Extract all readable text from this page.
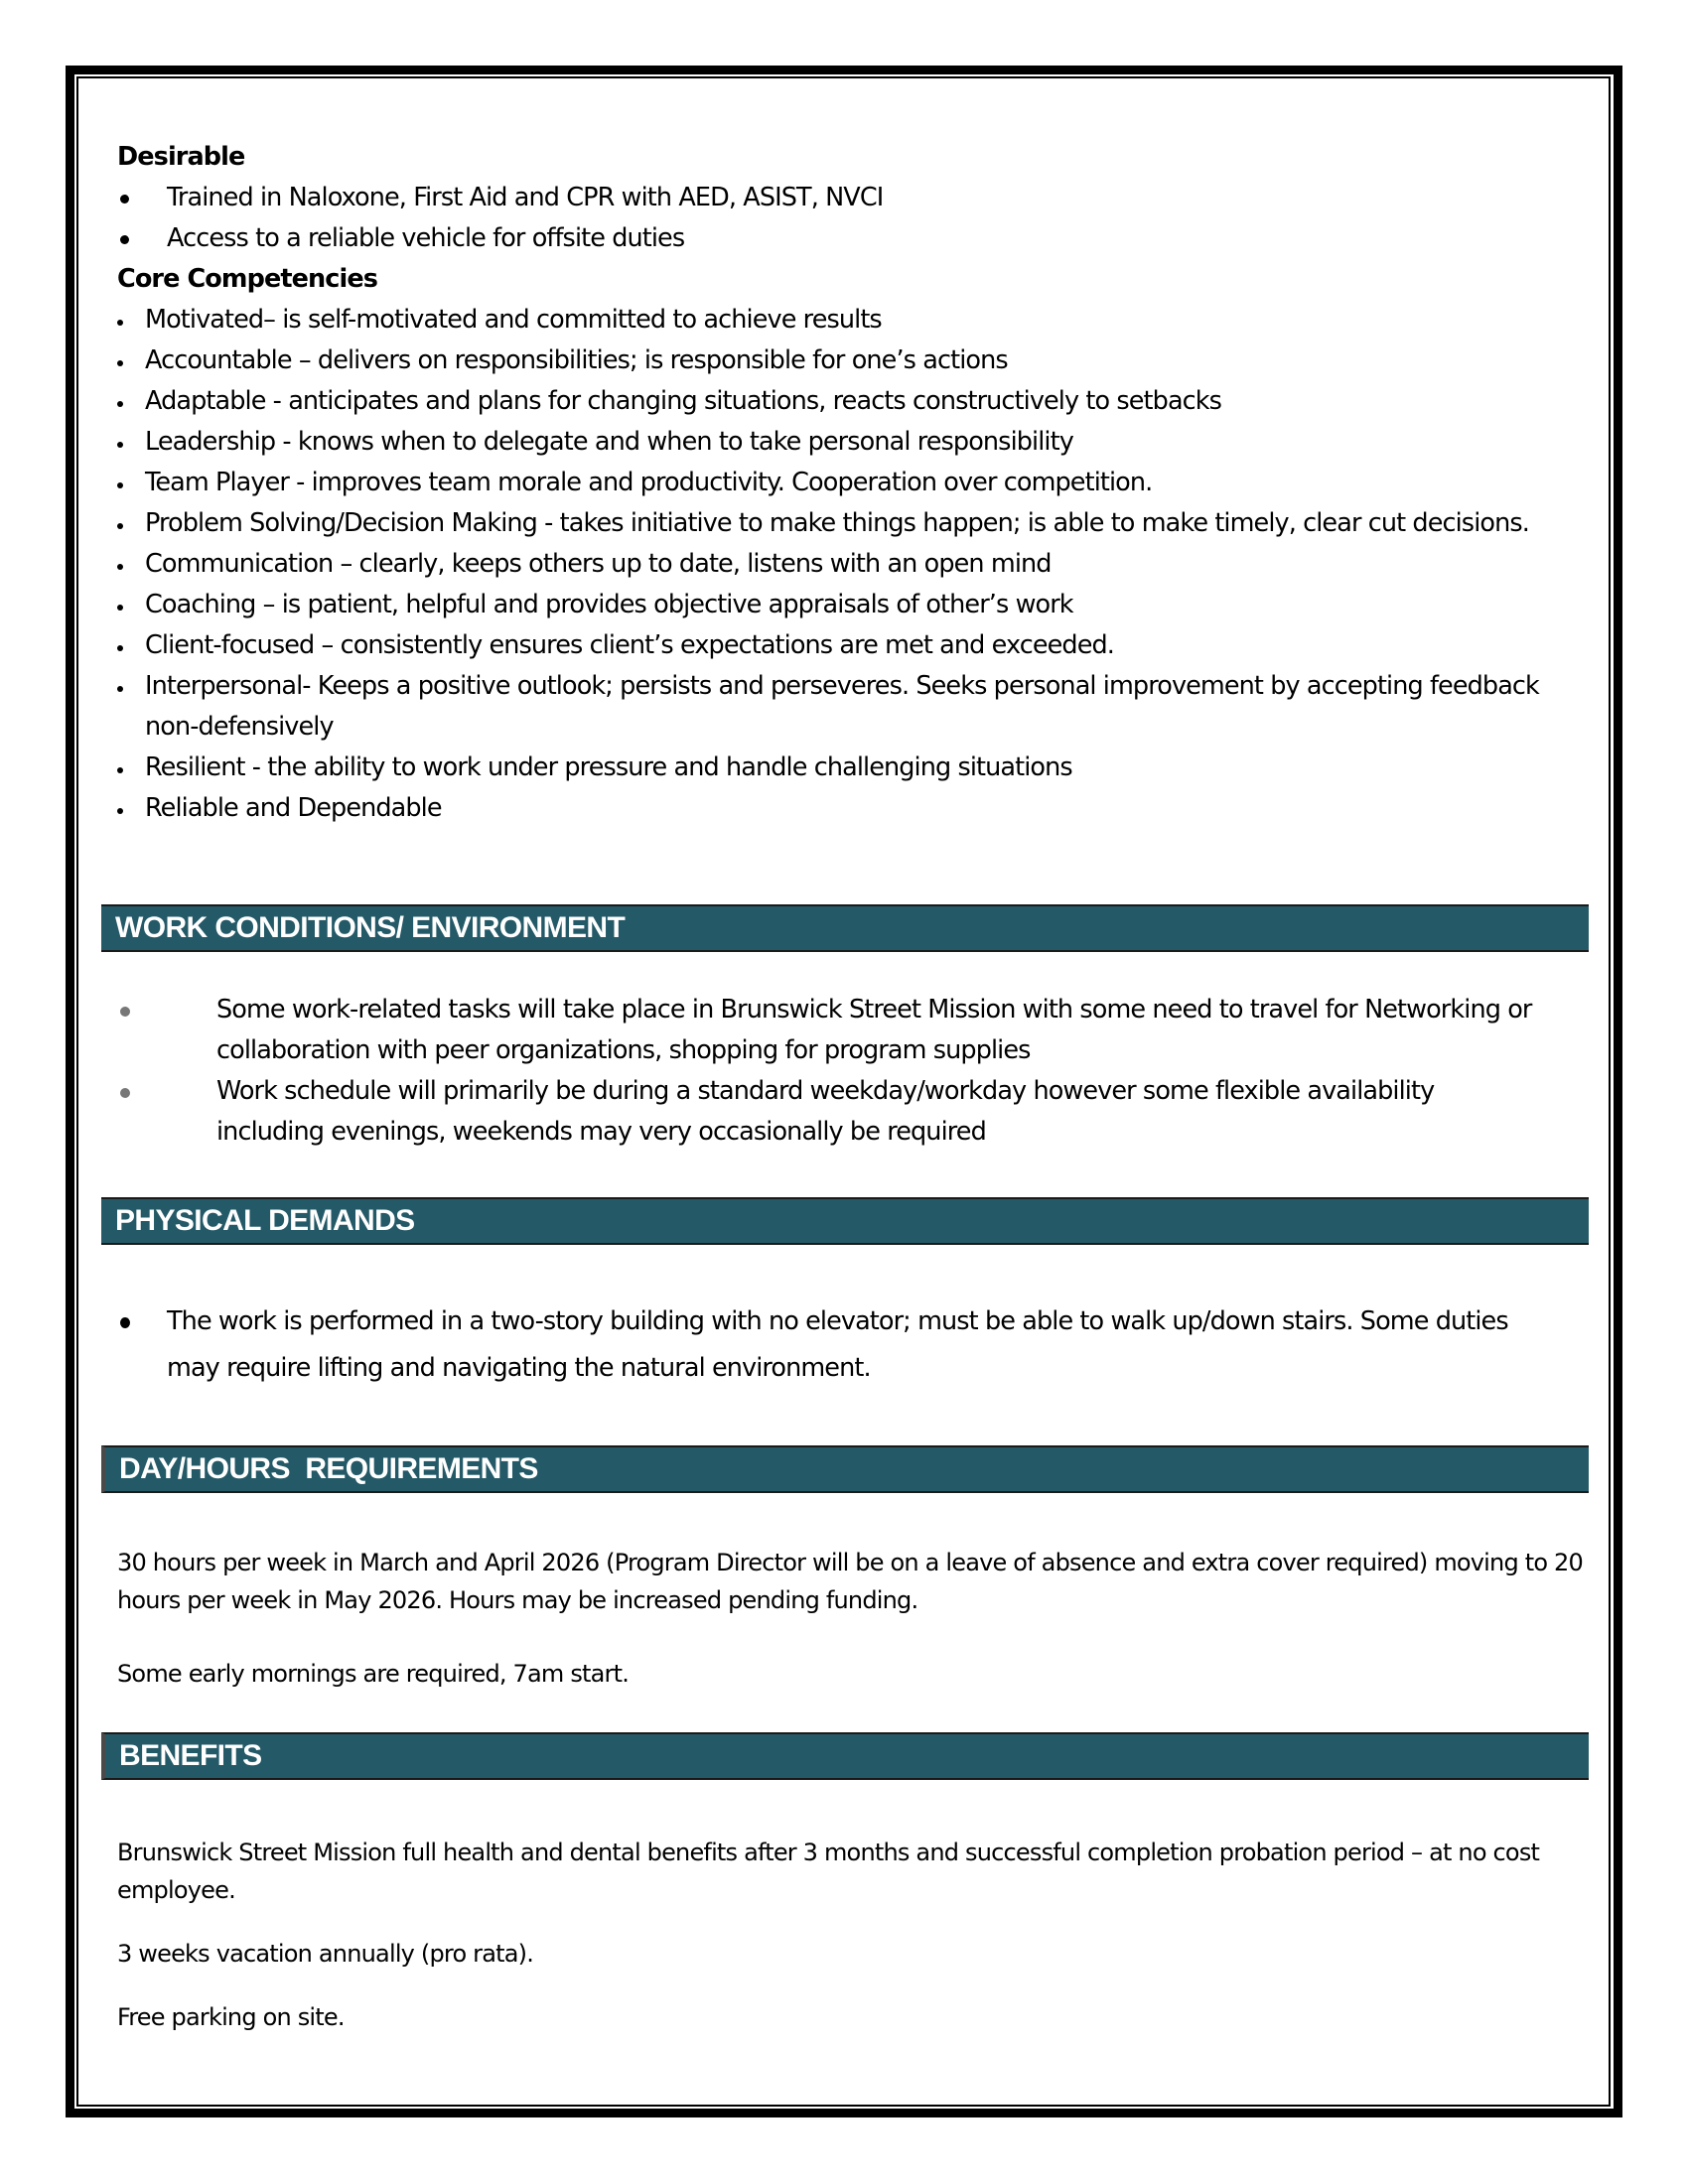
Desirable

Trained in Naloxone, First Aid and CPR with AED, ASIST, NVCI
Access to a reliable vehicle for offsite duties

Core Competencies

Motivated– is self-motivated and committed to achieve results
Accountable – delivers on responsibilities; is responsible for one’s actions
Adaptable - anticipates and plans for changing situations, reacts constructively to setbacks
Leadership - knows when to delegate and when to take personal responsibility
Team Player - improves team morale and productivity. Cooperation over competition.
Problem Solving/Decision Making - takes initiative to make things happen; is able to make timely, clear cut decisions.
Communication – clearly, keeps others up to date, listens with an open mind
Coaching – is patient, helpful and provides objective appraisals of other’s work
Client-focused – consistently ensures client’s expectations are met and exceeded.
Interpersonal- Keeps a positive outlook; persists and perseveres. Seeks personal improvement by accepting feedback non-defensively
Resilient - the ability to work under pressure and handle challenging situations
Reliable and Dependable
WORK CONDITIONS/ ENVIRONMENT
Some work-related tasks will take place in Brunswick Street Mission with some need to travel for Networking or collaboration with peer organizations, shopping for program supplies
Work schedule will primarily be during a standard weekday/workday however some flexible availability including evenings, weekends may very occasionally be required
PHYSICAL DEMANDS
The work is performed in a two-story building with no elevator; must be able to walk up/down stairs. Some duties may require lifting and navigating the natural environment.
DAY/HOURS  REQUIREMENTS

30 hours per week in March and April 2026 (Program Director will be on a leave of absence and extra cover required) moving to 20 hours per week in May 2026. Hours may be increased pending funding.

Some early mornings are required, 7am start.

BENEFITS

Brunswick Street Mission full health and dental benefits after 3 months and successful completion probation period – at no cost employee.

3 weeks vacation annually (pro rata).

Free parking on site.
